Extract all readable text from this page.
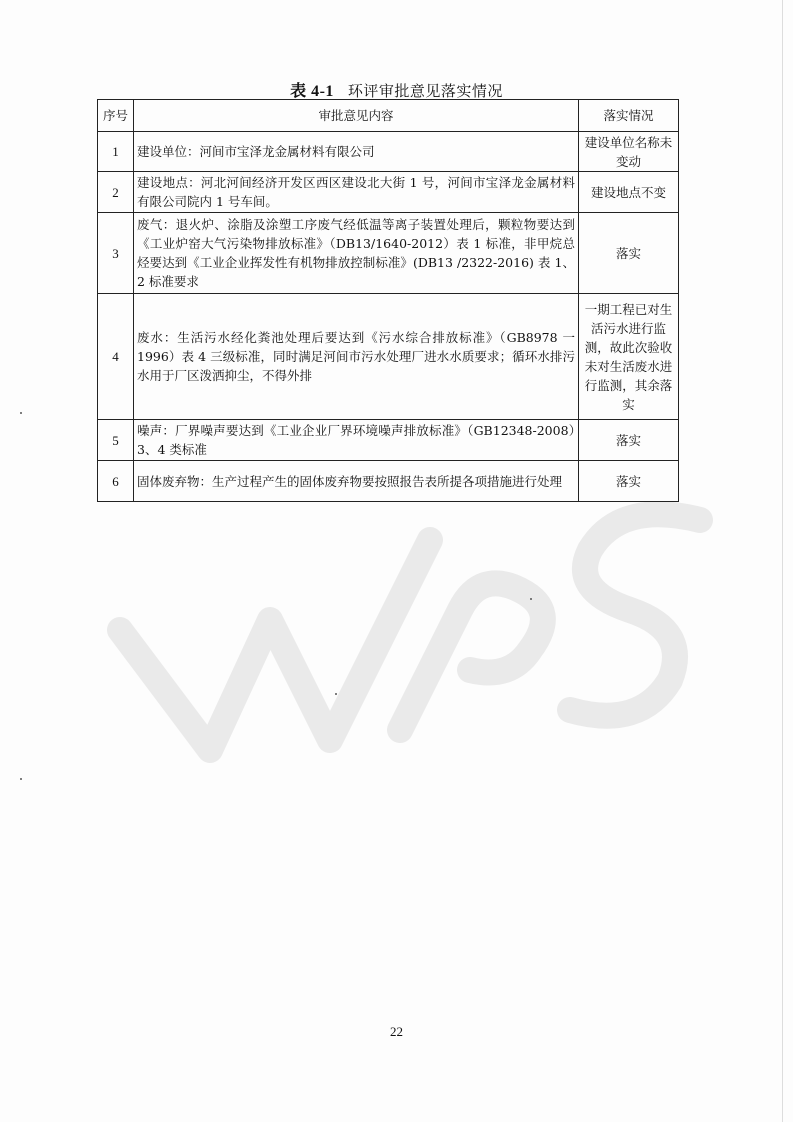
表 4-1 环评审批意见落实情况
序号	审批意见内容	落实情况
1	建设单位：河间市宝泽龙金属材料有限公司	建设单位名称未变动
2	建设地点：河北河间经济开发区西区建设北大街 1 号，河间市宝泽龙金属材料有限公司院内 1 号车间。	建设地点不变
3	废气：退火炉、涂脂及涂塑工序废气经低温等离子装置处理后，颗粒物要达到《工业炉窑大气污染物排放标准》（DB13/1640-2012）表 1 标准，非甲烷总烃要达到《工业企业挥发性有机物排放控制标准》(DB13 /2322-2016) 表 1、2 标准要求	落实
4	废水：生活污水经化粪池处理后要达到《污水综合排放标准》（GB8978 一 1996）表 4 三级标准，同时满足河间市污水处理厂进水水质要求；循环水排污水用于厂区泼洒抑尘，不得外排	一期工程已对生活污水进行监测，故此次验收未对生活废水进行监测，其余落实
5	噪声：厂界噪声要达到《工业企业厂界环境噪声排放标准》（GB12348-2008）3、4 类标准	落实
6	固体废弃物：生产过程产生的固体废弃物要按照报告表所提各项措施进行处理	落实
22
